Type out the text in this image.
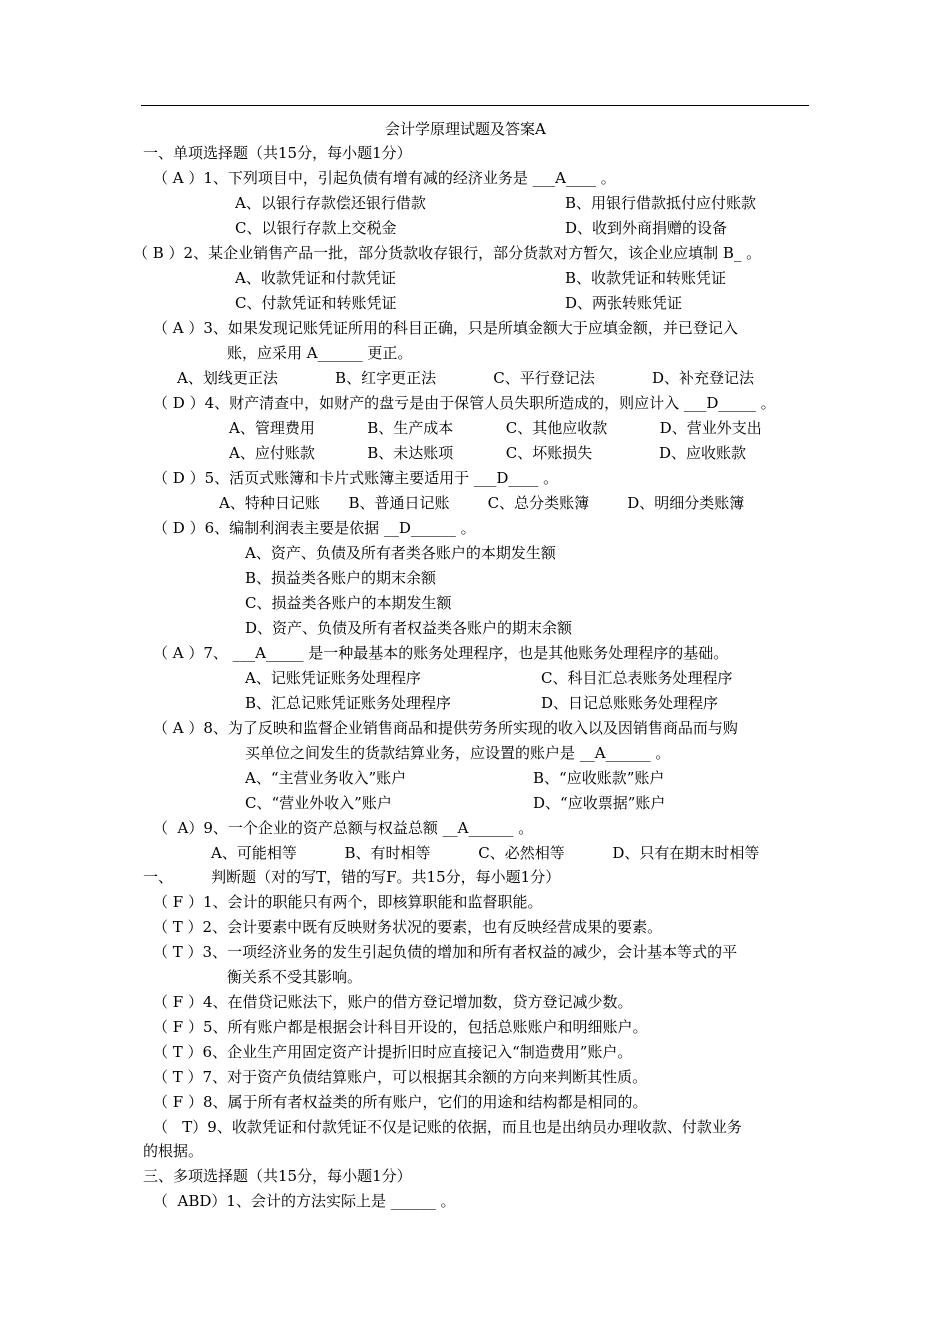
会计学原理试题及答案A
一、单项选择题（共15分，每小题1分）
（ A ）1、下列项目中，引起负债有增有减的经济业务是 ___A____ 。
A、以银行存款偿还银行借款	B、用银行借款抵付应付账款
C、以银行存款上交税金	D、收到外商捐赠的设备
（ B ）2、某企业销售产品一批，部分货款收存银行，部分货款对方暂欠，该企业应填制 B_ 。
A、收款凭证和付款凭证	B、收款凭证和转账凭证
C、付款凭证和转账凭证	D、两张转账凭证
（ A ）3、如果发现记账凭证所用的科目正确，只是所填金额大于应填金额，并已登记入
账，应采用 A______ 更正。
A、划线更正法            B、红字更正法            C、平行登记法            D、补充登记法
（ D ）4、财产清查中，如财产的盘亏是由于保管人员失职所造成的，则应计入 ___D_____ 。
A、管理费用           B、生产成本           C、其他应收款           D、营业外支出
A、应付账款           B、未达账项           C、坏账损失              D、应收账款
（ D ）5、活页式账簿和卡片式账簿主要适用于 ___D____ 。
A、特种日记账      B、普通日记账        C、总分类账簿        D、明细分类账簿
（ D ）6、编制利润表主要是依据 __D______ 。
A、资产、负债及所有者类各账户的本期发生额
B、损益类各账户的期末余额
C、损益类各账户的本期发生额
D、资产、负债及所有者权益类各账户的期末余额
（ A ）7、 ___A_____ 是一种最基本的账务处理程序，也是其他账务处理程序的基础。
A、记账凭证账务处理程序	C、科目汇总表账务处理程序
B、汇总记账凭证账务处理程序	D、日记总账账务处理程序
（ A ）8、为了反映和监督企业销售商品和提供劳务所实现的收入以及因销售商品而与购
买单位之间发生的货款结算业务，应设置的账户是 __A______ 。
A、“主营业务收入”账户	B、“应收账款”账户
C、“营业外收入”账户	D、“应收票据”账户
（  A）9、一个企业的资产总额与权益总额 __A______ 。
A、可能相等          B、有时相等          C、必然相等          D、只有在期末时相等
一、        判断题（对的写T，错的写F。共15分，每小题1分）
（ F ）1、会计的职能只有两个，即核算职能和监督职能。
（ T ）2、会计要素中既有反映财务状况的要素，也有反映经营成果的要素。
（ T ）3、一项经济业务的发生引起负债的增加和所有者权益的减少，会计基本等式的平
衡关系不受其影响。
（ F ）4、在借贷记账法下，账户的借方登记增加数，贷方登记减少数。
（ F ）5、所有账户都是根据会计科目开设的，包括总账账户和明细账户。
（ T ）6、企业生产用固定资产计提折旧时应直接记入“制造费用”账户。
（ T ）7、对于资产负债结算账户，可以根据其余额的方向来判断其性质。
（ F ）8、属于所有者权益类的所有账户，它们的用途和结构都是相同的。
（   T）9、收款凭证和付款凭证不仅是记账的依据，而且也是出纳员办理收款、付款业务
的根据。
三、多项选择题（共15分，每小题1分）
（  ABD）1、会计的方法实际上是 ______ 。
